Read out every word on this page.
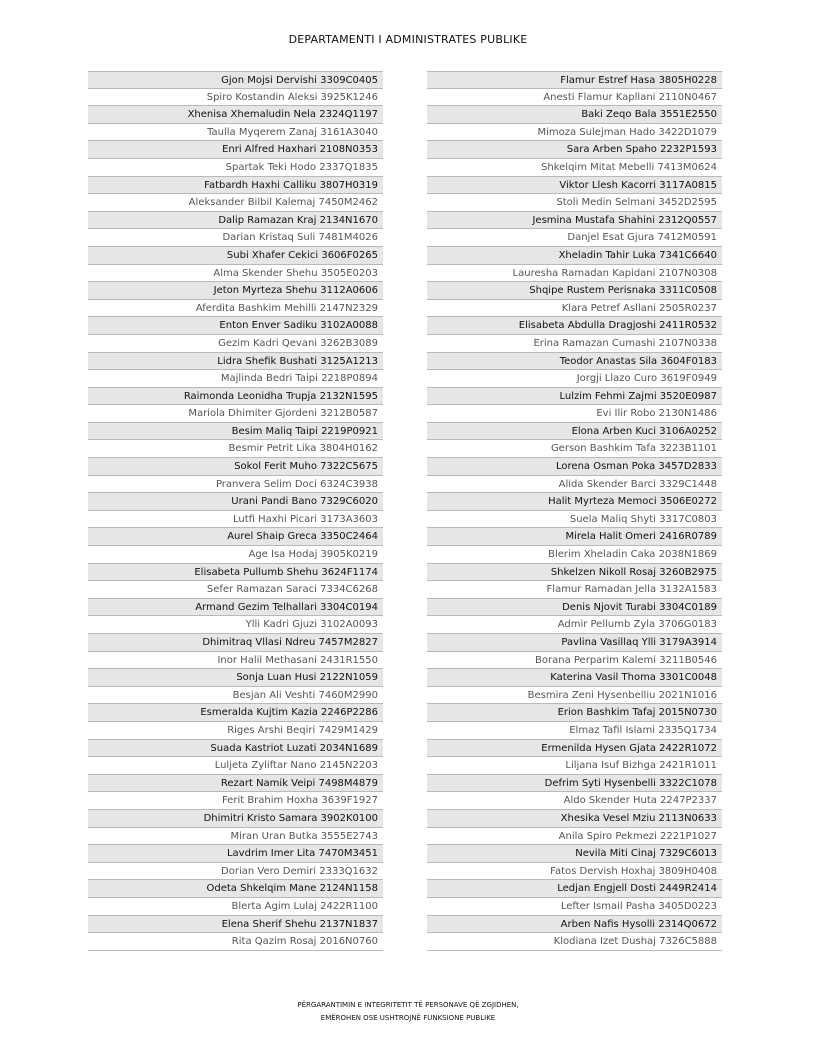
DEPARTAMENTI I ADMINISTRATES PUBLIKE
Gjon Mojsi Dervishi 3309C0405
Spiro Kostandin Aleksi 3925K1246
Xhenisa Xhemaludin Nela 2324Q1197
Taulla Myqerem Zanaj 3161A3040
Enri Alfred Haxhari 2108N0353
Spartak Teki Hodo 2337Q1835
Fatbardh Haxhi Calliku 3807H0319
Aleksander Bilbil Kalemaj 7450M2462
Dalip Ramazan Kraj 2134N1670
Darian Kristaq Suli 7481M4026
Subi Xhafer Cekici 3606F0265
Alma Skender Shehu 3505E0203
Jeton Myrteza Shehu 3112A0606
Aferdita Bashkim Mehilli 2147N2329
Enton Enver Sadiku 3102A0088
Gezim Kadri Qevani 3262B3089
Lidra Shefik Bushati 3125A1213
Majlinda Bedri Taipi 2218P0894
Raimonda Leonidha Trupja 2132N1595
Mariola Dhimiter Gjordeni 3212B0587
Besim Maliq Taipi 2219P0921
Besmir Petrit Lika 3804H0162
Sokol Ferit Muho 7322C5675
Pranvera Selim Doci 6324C3938
Urani Pandi Bano 7329C6020
Lutfi Haxhi Picari 3173A3603
Aurel Shaip Greca 3350C2464
Age Isa Hodaj 3905K0219
Elisabeta Pullumb Shehu 3624F1174
Sefer Ramazan Saraci 7334C6268
Armand Gezim Telhallari 3304C0194
Ylli Kadri Gjuzi 3102A0093
Dhimitraq Vllasi Ndreu 7457M2827
Inor Halil Methasani 2431R1550
Sonja Luan Husi 2122N1059
Besjan Ali Veshti 7460M2990
Esmeralda Kujtim Kazia 2246P2286
Riges Arshi Beqiri 7429M1429
Suada Kastriot Luzati 2034N1689
Luljeta Zyliftar Nano 2145N2203
Rezart Namik Veipi 7498M4879
Ferit Brahim Hoxha 3639F1927
Dhimitri Kristo Samara 3902K0100
Miran Uran Butka 3555E2743
Lavdrim Imer Lita 7470M3451
Dorian Vero Demiri 2333Q1632
Odeta Shkelqim Mane 2124N1158
Blerta Agim Lulaj 2422R1100
Elena Sherif Shehu 2137N1837
Rita Qazim Rosaj 2016N0760
Flamur Estref Hasa 3805H0228
Anesti Flamur Kapllani 2110N0467
Baki Zeqo Bala 3551E2550
Mimoza Sulejman Hado 3422D1079
Sara Arben Spaho 2232P1593
Shkelqim Mitat Mebelli 7413M0624
Viktor Llesh Kacorri 3117A0815
Stoli Medin Selmani 3452D2595
Jesmina Mustafa Shahini 2312Q0557
Danjel Esat Gjura 7412M0591
Xheladin Tahir Luka 7341C6640
Lauresha Ramadan Kapidani 2107N0308
Shqipe Rustem Perisnaka 3311C0508
Klara Petref Asllani 2505R0237
Elisabeta Abdulla Dragjoshi 2411R0532
Erina Ramazan Cumashi 2107N0338
Teodor Anastas Sila 3604F0183
Jorgji Llazo Curo 3619F0949
Lulzim Fehmi Zajmi 3520E0987
Evi Ilir Robo 2130N1486
Elona Arben Kuci 3106A0252
Gerson Bashkim Tafa 3223B1101
Lorena Osman Poka 3457D2833
Alida Skender Barci 3329C1448
Halit Myrteza Memoci 3506E0272
Suela Maliq Shyti 3317C0803
Mirela Halit Omeri 2416R0789
Blerim Xheladin Caka 2038N1869
Shkelzen Nikoll Rosaj 3260B2975
Flamur Ramadan Jella 3132A1583
Denis Njovit Turabi 3304C0189
Admir Pellumb Zyla 3706G0183
Pavlina Vasillaq Ylli 3179A3914
Borana Perparim Kalemi 3211B0546
Katerina Vasil Thoma 3301C0048
Besmira Zeni Hysenbelliu 2021N1016
Erion Bashkim Tafaj 2015N0730
Elmaz Tafil Islami 2335Q1734
Ermenilda Hysen Gjata 2422R1072
Liljana Isuf Bizhga 2421R1011
Defrim Syti Hysenbelli 3322C1078
Aldo Skender Huta 2247P2337
Xhesika Vesel Mziu 2113N0633
Anila Spiro Pekmezi 2221P1027
Nevila Miti Cinaj 7329C6013
Fatos Dervish Hoxhaj 3809H0408
Ledjan Engjell Dosti 2449R2414
Lefter Ismail Pasha 3405D0223
Arben Nafis Hysolli 2314Q0672
Klodiana Izet Dushaj 7326C5888
PËRGARANTIMIN E INTEGRITETIT TË PERSONAVE QË ZGJIDHEN,
EMËROHEN OSE USHTROJNË FUNKSIONE PUBLIKE
